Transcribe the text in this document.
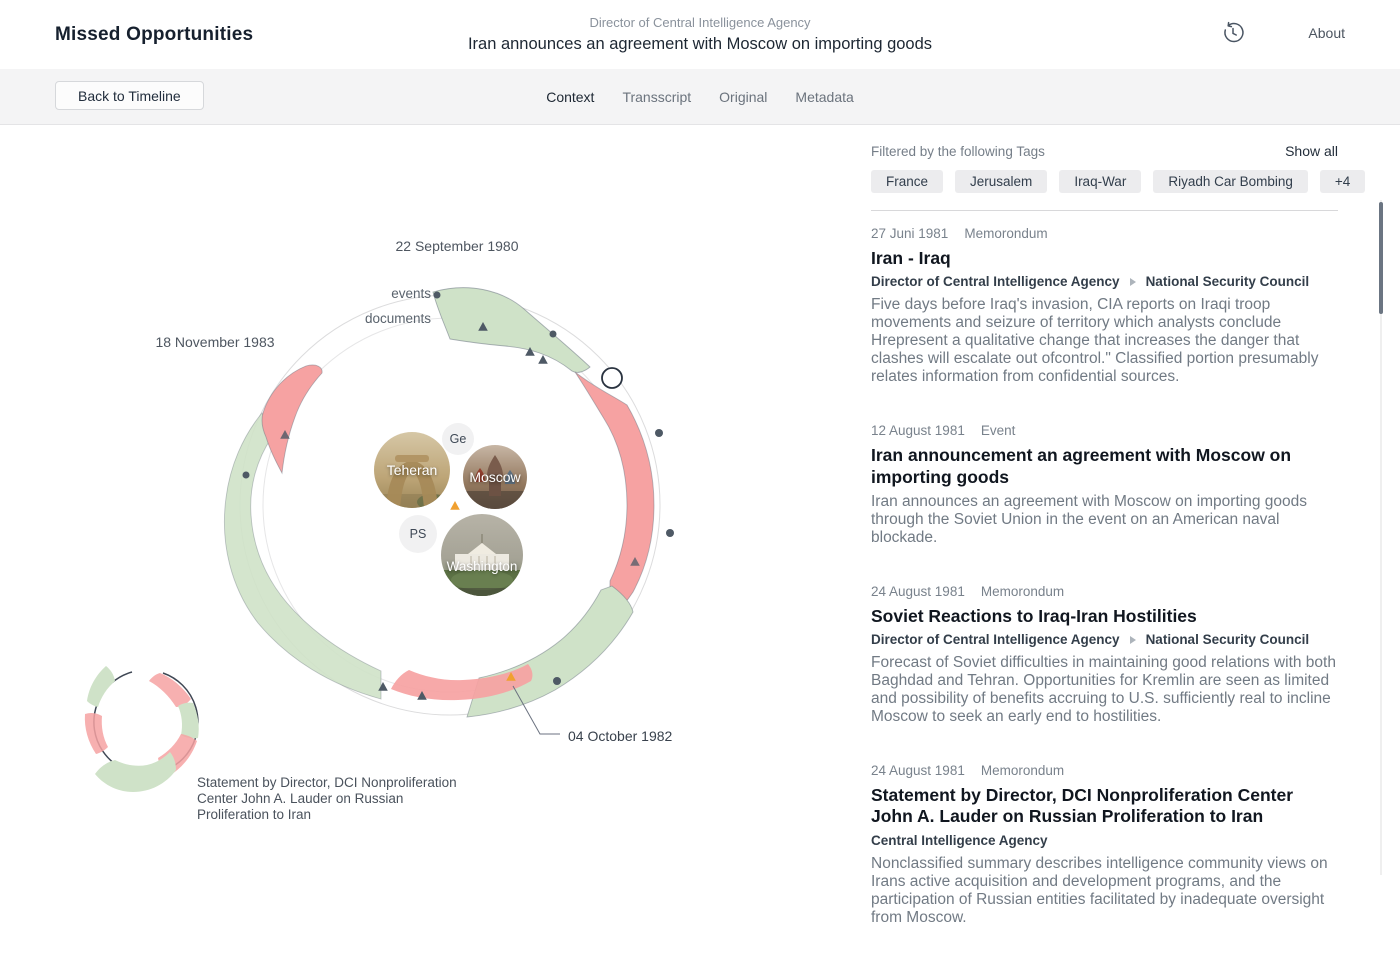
Missed Opportunities
Director of Central Intelligence Agency
Iran announces an agreement with Moscow on importing goods
About
Back to Timeline	Context Transscript Original Metadata
22 September 1980
events
documents
18 November 1983
04 October 1982
Statement by Director, DCI Nonproliferation Center John A. Lauder on Russian Proliferation to Iran
Teheran Moscow
Washington
Ge
PS
Filtered by the following Tags	Show all
France	Jerusalem	Iraq-War	Riyadh Car Bombing	+4
27 Juni 1981 Memorondum
Iran - Iraq
Director of Central Intelligence Agency National Security Council

Five days before Iraq's invasion, CIA reports on Iraqi troop movements and seizure of territory which analysts conclude Hrepresent a qualitative change that increases the danger that clashes will escalate out ofcontrol." Classified portion presumably relates information from confidential sources.

12 August 1981 Event
Iran announcement an agreement with Moscow on importing goods

Iran announces an agreement with Moscow on importing goods through the Soviet Union in the event on an American naval blockade.

24 August 1981 Memorondum
Soviet Reactions to Iraq-Iran Hostilities
Director of Central Intelligence Agency National Security Council

Forecast of Soviet difficulties in maintaining good relations with both Baghdad and Tehran. Opportunities for Kremlin are seen as limited and possibility of benefits accruing to U.S. sufficiently real to incline Moscow to seek an early end to hostilities.

24 August 1981 Memorondum
Statement by Director, DCI Nonproliferation Center John A. Lauder on Russian Proliferation to Iran
Central Intelligence Agency

Nonclassified summary describes intelligence community views on Irans active acquisition and development programs, and the participation of Russian entities facilitated by inadequate oversight from Moscow.
